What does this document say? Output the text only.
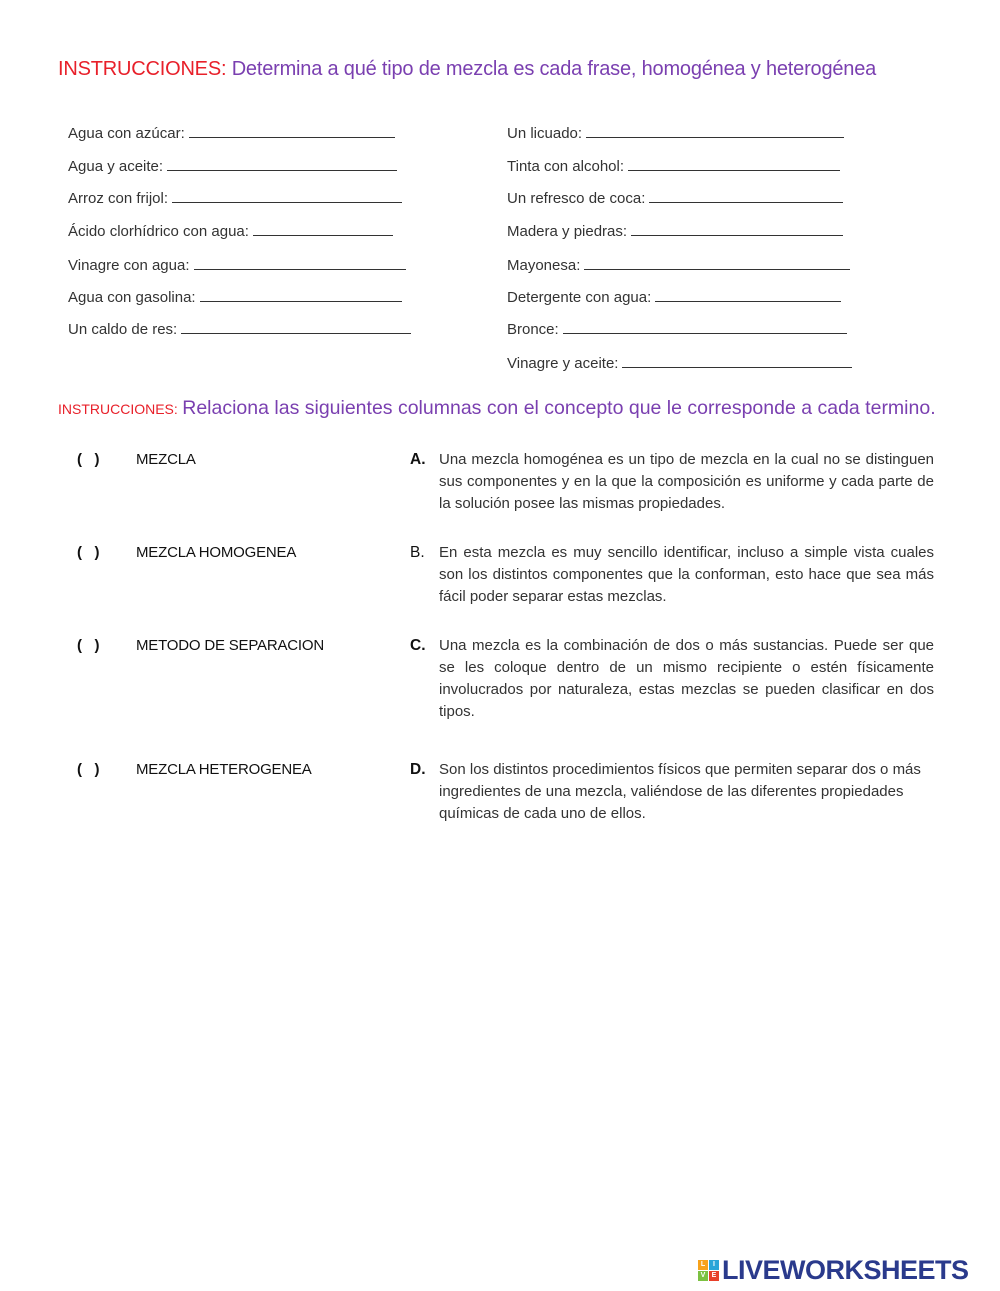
INSTRUCCIONES: Determina a qué tipo de mezcla es cada frase, homogénea y heterogénea
Agua con azúcar:
Agua y aceite:
Arroz con frijol:
Ácido clorhídrico con agua:
Vinagre con agua:
Agua con gasolina:
Un caldo de res:
Un licuado:
Tinta con alcohol:
Un refresco de coca:
Madera y piedras:
Mayonesa:
Detergente con agua:
Bronce:
Vinagre y aceite:
INSTRUCCIONES: Relaciona las siguientes columnas con el concepto que le corresponde a cada termino.
(   ) MEZCLA	A. Una mezcla homogénea es un tipo de mezcla en la cual no se distinguen sus componentes y en la que la composición es uniforme y cada parte de la solución posee las mismas propiedades.
(   ) MEZCLA HOMOGENEA	B. En esta mezcla es muy sencillo identificar, incluso a simple vista cuales son los distintos componentes que la conforman, esto hace que sea más fácil poder separar estas mezclas.
(   ) METODO DE SEPARACION	C. Una mezcla es la combinación de dos o más sustancias. Puede ser que se les coloque dentro de un mismo recipiente o estén físicamente involucrados por naturaleza, estas mezclas se pueden clasificar en dos tipos.
(   ) MEZCLA HETEROGENEA	D. Son los distintos procedimientos físicos que permiten separar dos o más ingredientes de una mezcla, valiéndose de las diferentes propiedades químicas de cada uno de ellos.
L	I
V E LIVEWORKSHEETS
